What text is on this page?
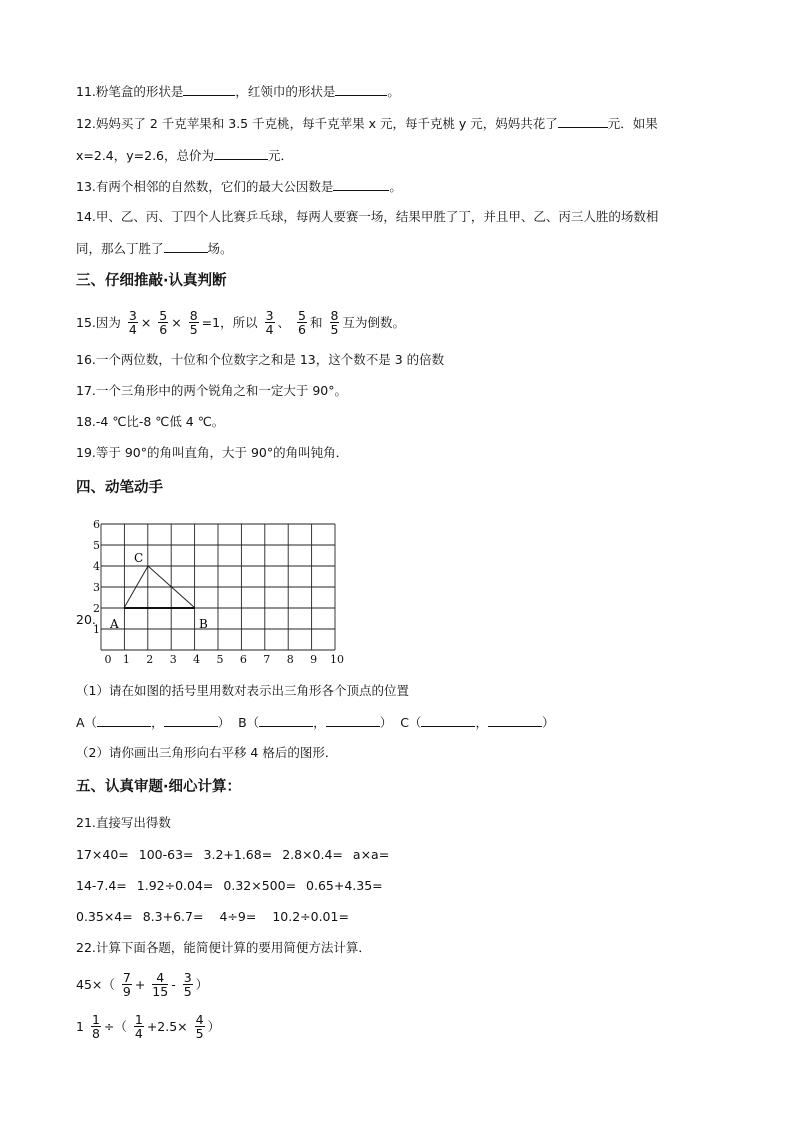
11.粉笔盒的形状是	，红领巾的形状是	。
12.妈妈买了 2 千克苹果和 3.5 千克桃，每千克苹果 x 元，每千克桃 y 元，妈妈共花了	元．如果
x=2.4，y=2.6，总价为	元．
13.有两个相邻的自然数，它们的最大公因数是	。
14.甲、乙、丙、丁四个人比赛乒乓球，每两人要赛一场，结果甲胜了丁，并且甲、乙、丙三人胜的场数相
同，那么丁胜了	场。
三、仔细推敲·认真判断
15.因为 $\frac{3}{4} \times \frac{5}{6} \times \frac{8}{5} =1$，所以 $\frac{3}{4}$ 、 $\frac{5}{6}$ 和 $\frac{8}{5}$ 互为倒数。
16.一个两位数，十位和个位数字之和是 13，这个数不是 3 的倍数
17.一个三角形中的两个锐角之和一定大于 90°。
18.-4 ℃比-8 ℃低 4 ℃。
19.等于 90°的角叫直角，大于 90°的角叫钝角．
四、动笔动手
20.
0 1 2 3 4 5 6 7 8 9 10
1
2
3
4
5
6
A	B
C
（1）请在如图的括号里用数对表示出三角形各个顶点的位置
A（	，	） B（	，	） C（	，	）
（2）请你画出三角形向右平移 4 格后的图形．
五、认真审题·细心计算：
21.直接写出得数
17×40= 100-63= 3.2+1.68= 2.8×0.4= a×a=
14-7.4= 1.92÷0.04= 0.32×500= 0.65+4.35=
0.35×4= 8.3+6.7= 4÷9= 10.2÷0.01=
22.计算下面各题，能简便计算的要用简便方法计算．
$45\times( \frac{7}{9} + \frac{4}{15} - \frac{3}{5}$ ）
$1 \frac{1}{8}$ ÷（ $\frac{1}{4} +2.5\times \frac{4}{5}$ ）
